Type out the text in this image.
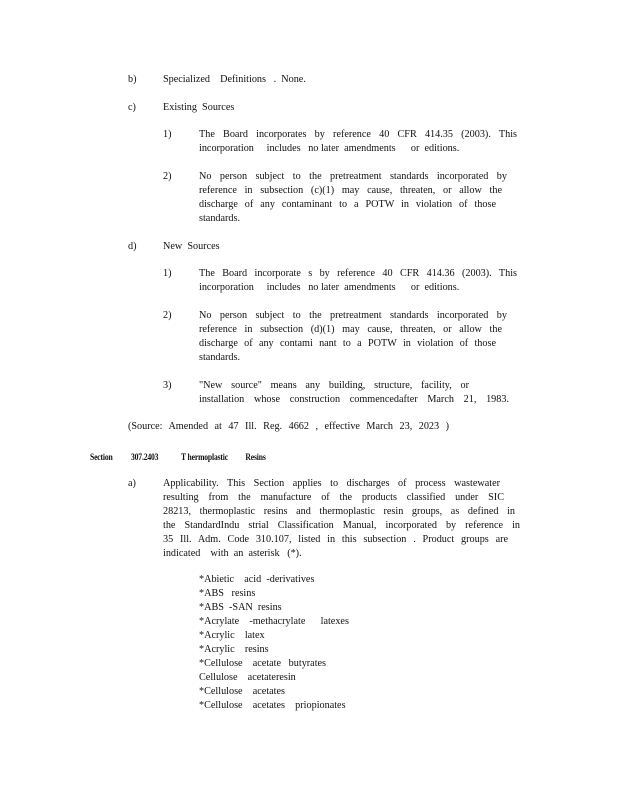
b)	Specialized    Definitions   .  None.
c)	Existing  Sources
1)	The Board incorporates by reference 40 CFR 414.35 (2003). This
incorporation     includes   no later  amendments      or  editions.
2)	No person subject to the pretreatment standards incorporated by
reference in subsection (c)(1) may cause, threaten, or allow the
discharge of any contaminant to a POTW in violation of those
standards.
d)	New  Sources
1)	The Board incorporate s by reference 40 CFR 414.36 (2003). This
incorporation     includes   no later  amendments      or  editions.
2)	No person subject to the pretreatment standards incorporated by
reference in subsection (d)(1) may cause, threaten, or allow the
discharge of any contami nant to a POTW in violation of those
standards.
3)	"New source" means any building, structure, facility, or
installation whose construction commencedafter March 21, 1983.
(Source: Amended at 47 Ill. Reg. 4662 , effective March 23, 2023 )
Section 307.2403	T hermoplastic          Resins
a)	Applicability. This Section applies to discharges of process wastewater
resulting from the manufacture of the products classified under SIC
28213, thermoplastic resins and thermoplastic resin groups, as defined in
the StandardIndu strial Classification Manual, incorporated by reference in
35 Ill. Adm. Code 310.107, listed in this subsection . Product groups are
indicated    with  an  asterisk   (*).
*Abietic    acid  -derivatives
*ABS   resins
*ABS  -SAN  resins
*Acrylate    -methacrylate      latexes
*Acrylic    latex
*Acrylic    resins
*Cellulose    acetate   butyrates
Cellulose    acetateresin
*Cellulose    acetates
*Cellulose    acetates    priopionates
